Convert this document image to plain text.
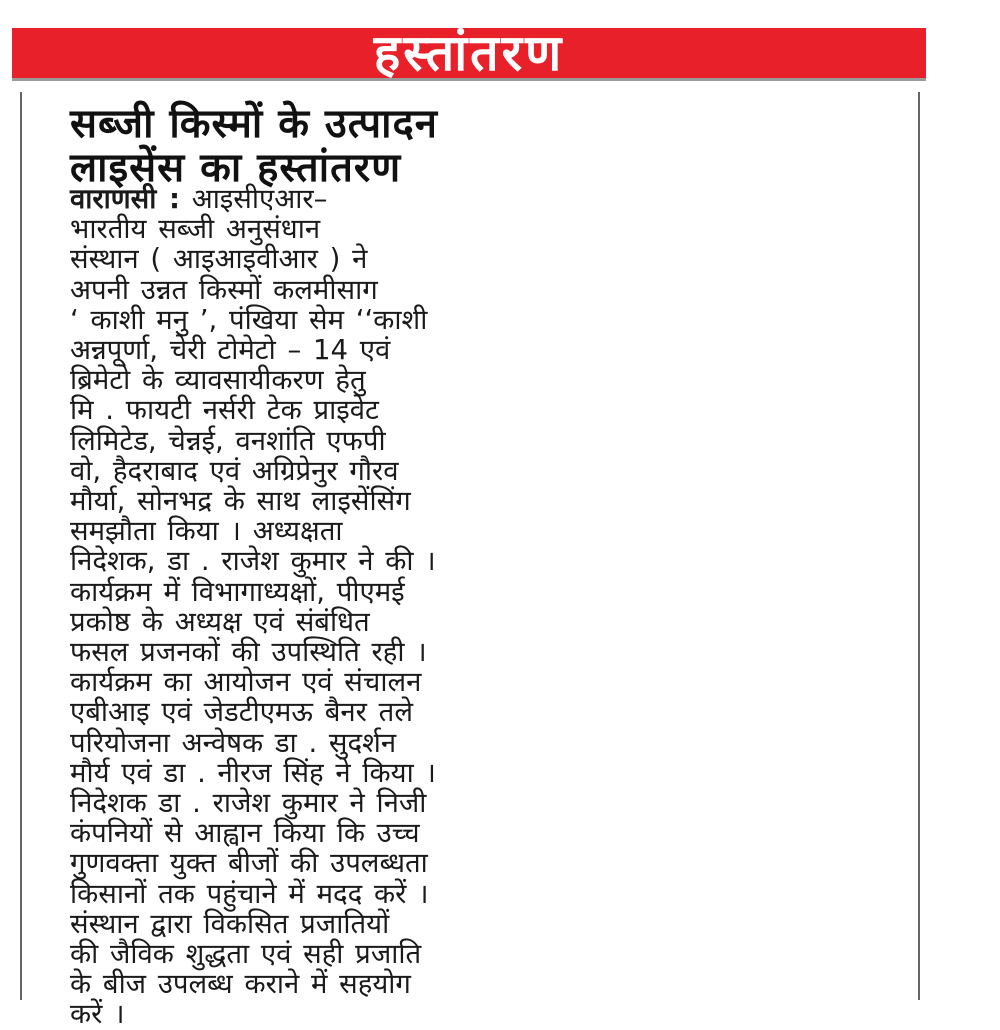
हस्तांतरण
सब्जी किस्मों के उत्पादन
लाइसेंस का हस्तांतरण
वाराणसी : आइसीएआर–
भारतीय सब्जी अनुसंधान
संस्थान ( आइआइवीआर ) ने
अपनी उन्नत किस्मों कलमीसाग
‘ काशी मनु ’, पंखिया सेम ‘‘काशी
अन्नपूर्णा, चेरी टोमेटो – 14 एवं
ब्रिमेटो के व्यावसायीकरण हेतु
मि . फायटी नर्सरी टेक प्राइवेट
लिमिटेड, चेन्नई, वनशांति एफपी
वो, हैदराबाद एवं अग्रिप्रेनुर गौरव
मौर्या, सोनभद्र के साथ लाइसेंसिंग
समझौता किया । अध्यक्षता
निदेशक, डा . राजेश कुमार ने की ।
कार्यक्रम में विभागाध्यक्षों, पीएमई
प्रकोष्ठ के अध्यक्ष एवं संबंधित
फसल प्रजनकों की उपस्थिति रही ।
कार्यक्रम का आयोजन एवं संचालन
एबीआइ एवं जेडटीएमऊ बैनर तले
परियोजना अन्वेषक डा . सुदर्शन
मौर्य एवं डा . नीरज सिंह ने किया ।
निदेशक डा . राजेश कुमार ने निजी
कंपनियों से आह्वान किया कि उच्च
गुणवक्ता युक्त बीजों की उपलब्धता
किसानों तक पहुंचाने में मदद करें ।
संस्थान द्वारा विकसित प्रजातियों
की जैविक शुद्धता एवं सही प्रजाति
के बीज उपलब्ध कराने में सहयोग
करें ।
